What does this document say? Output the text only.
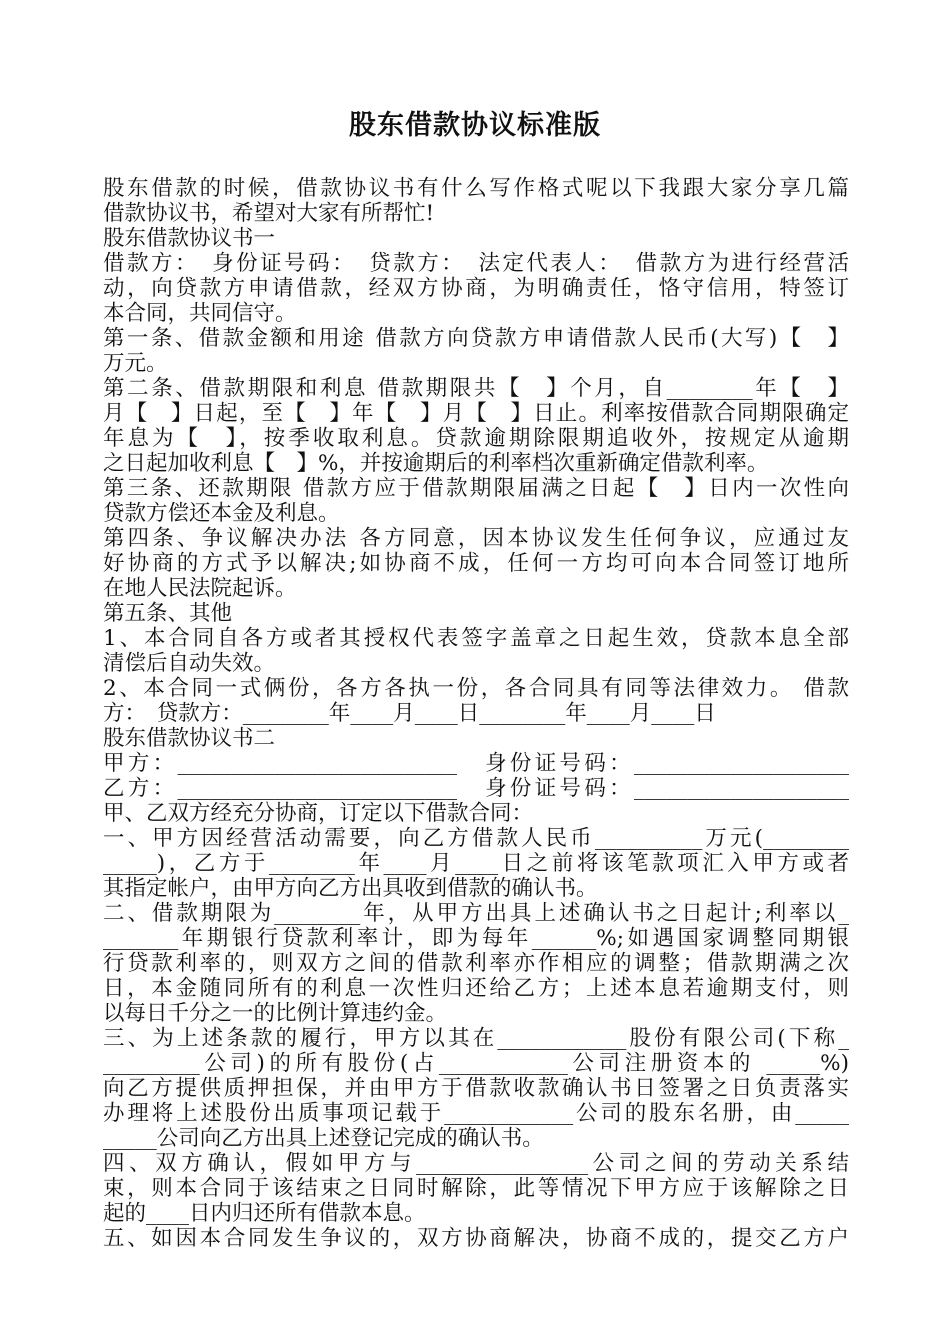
股东借款协议标准版
股东借款的时候，借款协议书有什么写作格式呢以下我跟大家分享几篇
借款协议书，希望对大家有所帮忙!
股东借款协议书一
借款方：　身份证号码：　贷款方：　法定代表人：　借款方为进行经营活
动，向贷款方申请借款，经双方协商，为明确责任，恪守信用，特签订
本合同，共同信守。
第一条、借款金额和用途 借款方向贷款方申请借款人民币(大写)【　】
万元。
第二条、借款期限和利息 借款期限共【　】个月，自________年【　】
月【　】日起，至【　】年【　】月【　】日止。利率按借款合同期限确定
年息为【　】，按季收取利息。贷款逾期除限期追收外，按规定从逾期
之日起加收利息【　】%，并按逾期后的利率档次重新确定借款利率。
第三条、还款期限 借款方应于借款期限届满之日起【　】日内一次性向
贷款方偿还本金及利息。
第四条、争议解决办法 各方同意，因本协议发生任何争议，应通过友
好协商的方式予以解决;如协商不成，任何一方均可向本合同签订地所
在地人民法院起诉。
第五条、其他
1、本合同自各方或者其授权代表签字盖章之日起生效，贷款本息全部
清偿后自动失效。
2、本合同一式俩份，各方各执一份，各合同具有同等法律效力。 借款
方：　贷款方：________年____月____日________年____月____日
股东借款协议书二
甲方：__________________________　身份证号码：____________________
乙方：__________________________　身份证号码：____________________
甲、乙双方经充分协商，订定以下借款合同：
一、甲方因经营活动需要，向乙方借款人民币__________万元(________
_____)，乙方于________年____月____日之前将该笔款项汇入甲方或者
其指定帐户，由甲方向乙方出具收到借款的确认书。
二、借款期限为________年，从甲方出具上述确认书之日起计;利率以_
_______年期银行贷款利率计，即为每年______%;如遇国家调整同期银
行贷款利率的，则双方之间的借款利率亦作相应的调整；借款期满之次
日，本金随同所有的利息一次性归还给乙方；上述本息若逾期支付，则
以每日千分之一的比例计算违约金。
三、为上述条款的履行，甲方以其在____________股份有限公司(下称_
_________公司)的所有股份(占____________公司注册资本的 _____%)
向乙方提供质押担保，并由甲方于借款收款确认书日签署之日负责落实
办理将上述股份出质事项记载于____________公司的股东名册，由_____
_____公司向乙方出具上述登记完成的确认书。
四、双方确认，假如甲方与________________公司之间的劳动关系结
束，则本合同于该结束之日同时解除，此等情况下甲方应于该解除之日
起的____日内归还所有借款本息。
五、如因本合同发生争议的，双方协商解决，协商不成的，提交乙方户
